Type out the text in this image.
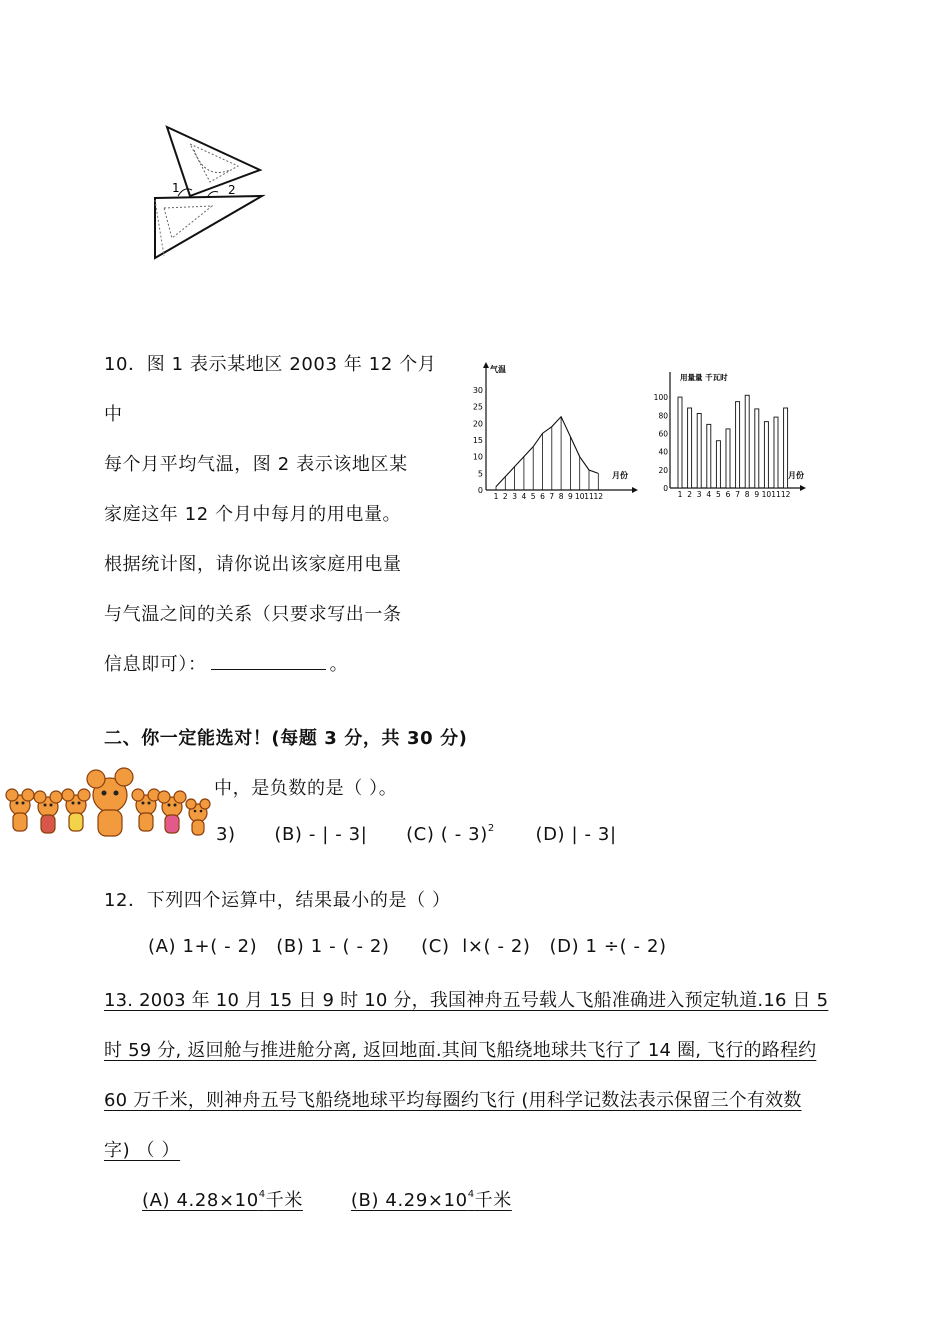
1	2
10．图 1 表示某地区 2003 年 12 个月
中
每个月平均气温，图 2 表示该地区某
家庭这年 12 个月中每月的用电量。
根据统计图，请你说出该家庭用电量
与气温之间的关系（只要求写出一条
信息即可）：	。
气温
月份
0
5
10
15
20
25
30
1 2 3 4 5 6 7 8 9 10 11 12
用量量 千瓦时
月份
0
20
40
60
80
100
1 2 3 4 5 6 7 8 9 10 11 12
二、你一定能选对！(每题 3 分，共 30 分)
中，是负数的是（ ）。
3) (B) - | - 3| (C) ( - 3)$^2$ (D) | - 3|
12．下列四个运算中，结果最小的是（ ）
(A) 1+( - 2)   (B) 1 - ( - 2)     (C)  l×( - 2)   (D) 1 ÷( - 2)
13. 2003 年 10 月 15 日 9 时 10 分，我国神舟五号载人飞船准确进入预定轨道.16 日 5
时 59 分, 返回舱与推进舱分离, 返回地面.其间飞船绕地球共飞行了 14 圈, 飞行的路程约
60 万千米，则神舟五号飞船绕地球平均每圈约飞行 (用科学记数法表示保留三个有效数
字) （ ）
(A) $4.28\times 10^4$千米	(B) $4.29\times 10^4$千米
